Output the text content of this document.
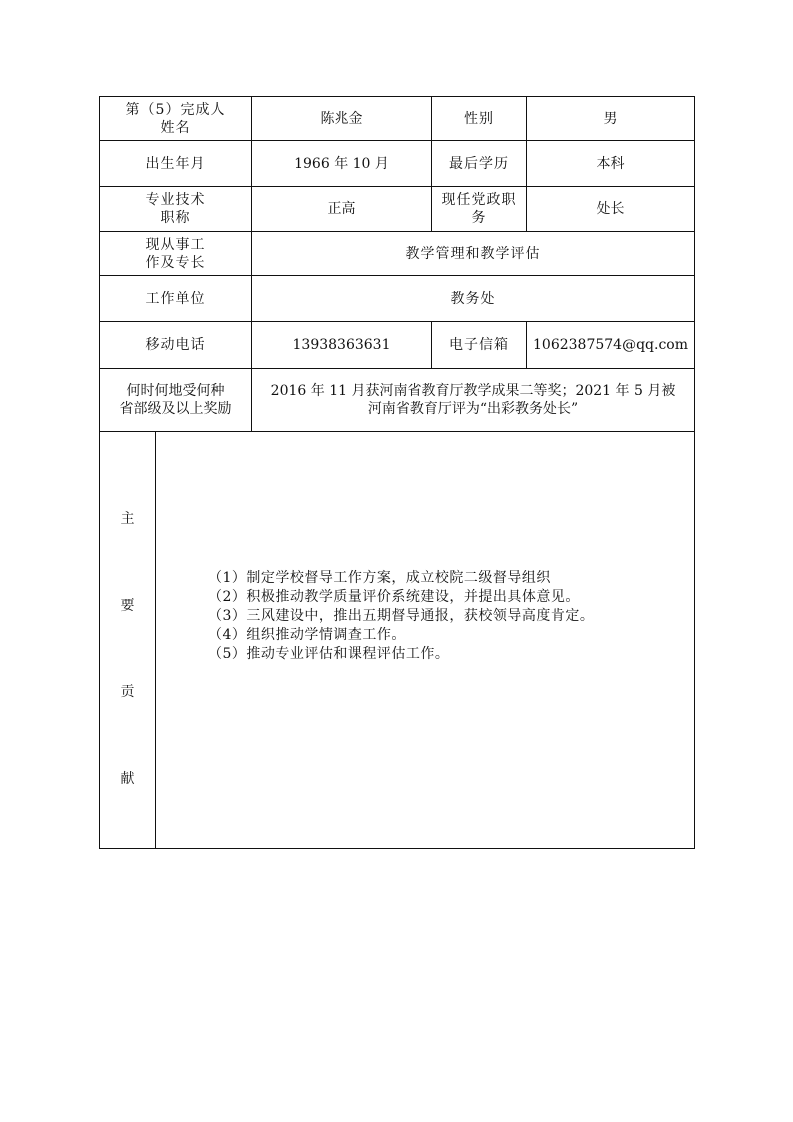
第（5）完成人
姓名		陈兆金	性别	男
出生年月		1966 年 10 月	最后学历	本科

专业技术
职称		正高	现任党政职
务	处长

现从事工
作及专长		教学管理和教学评估		
工作单位		教务处		
移动电话		13938363631	电子信箱	1062387574@qq.com

何时何地受何种
省部级及以上奖励		2016 年 11 月获河南省教育厅教学成果二等奖；2021 年 5 月被
河南省教育厅评为“出彩教务处长”		

主
要
贡
献	（1）制定学校督导工作方案，成立校院二级督导组织
（2）积极推动教学质量评价系统建设，并提出具体意见。
（3）三风建设中，推出五期督导通报，获校领导高度肯定。
（4）组织推动学情调查工作。
（5）推动专业评估和课程评估工作。			
